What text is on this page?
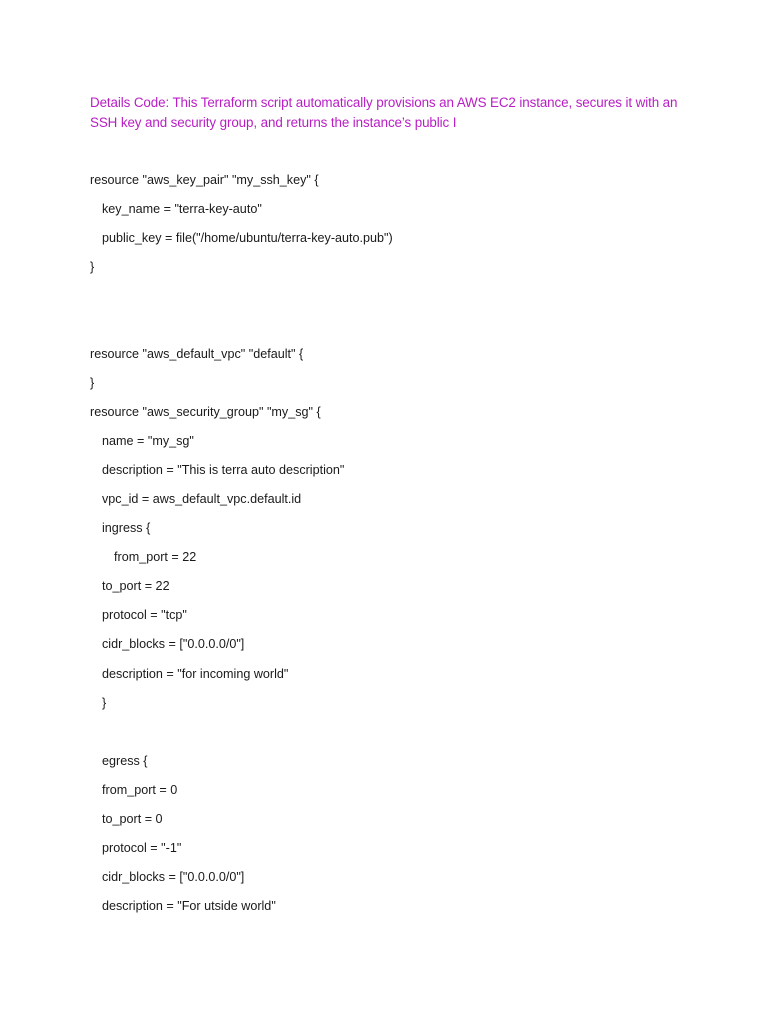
Details Code: This Terraform script automatically provisions an AWS EC2 instance, secures it with an SSH key and security group, and returns the instance’s public I
resource "aws_key_pair" "my_ssh_key" {
key_name = "terra-key-auto"
public_key = file("/home/ubuntu/terra-key-auto.pub")
}
resource "aws_default_vpc" "default" {
}
resource "aws_security_group" "my_sg" {
name = "my_sg"
description = "This is terra auto description"
vpc_id = aws_default_vpc.default.id
ingress {
from_port = 22
to_port = 22
protocol = "tcp"
cidr_blocks = ["0.0.0.0/0"]
description = "for incoming world"
}
egress {
from_port = 0
to_port = 0
protocol = "-1"
cidr_blocks = ["0.0.0.0/0"]
description = "For utside world"
